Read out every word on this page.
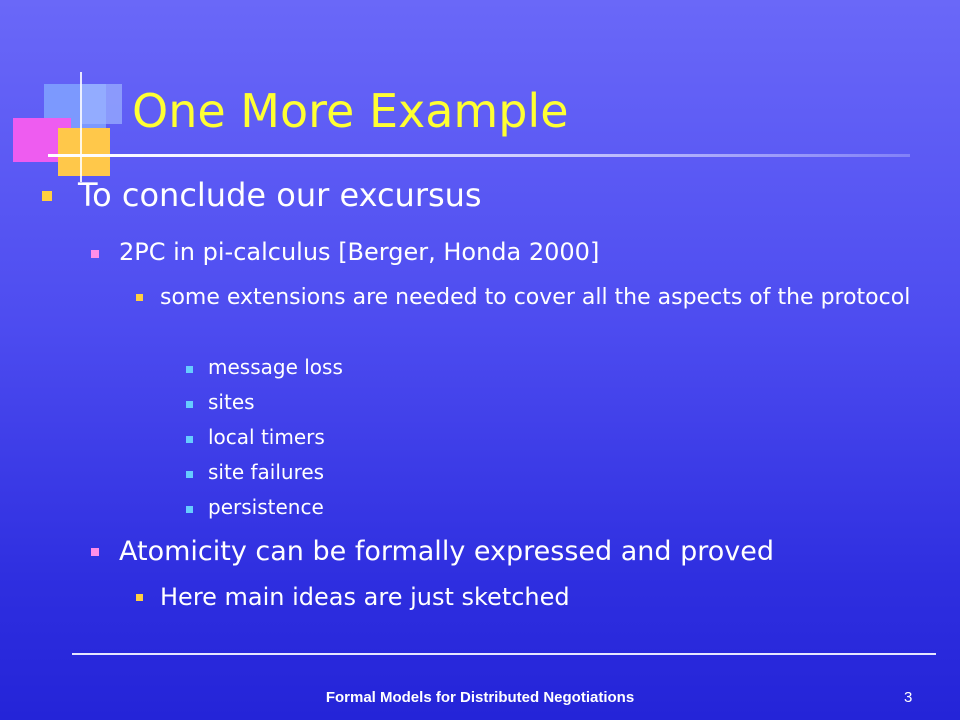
One More Example
To conclude our excursus
2PC in pi-calculus [Berger, Honda 2000]
some extensions are needed to cover all the aspects of the protocol
message loss
sites
local timers
site failures
persistence
Atomicity can be formally expressed and proved
Here main ideas are just sketched
Formal Models for Distributed Negotiations	3
